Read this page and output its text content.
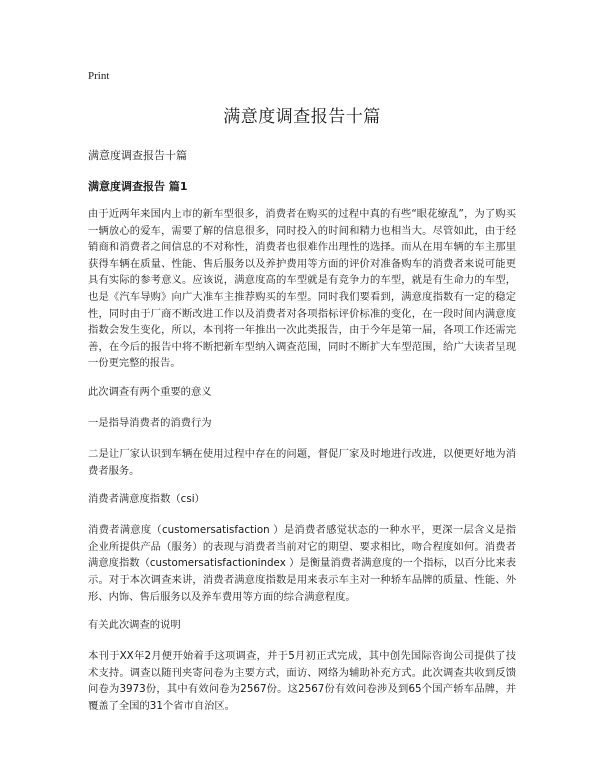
Print
满意度调查报告十篇
满意度调查报告十篇
满意度调查报告 篇1

由于近两年来国内上市的新车型很多，消费者在购买的过程中真的有些“眼花缭乱”，为了购买一辆放心的爱车，需要了解的信息很多，同时投入的时间和精力也相当大。尽管如此，由于经销商和消费者之间信息的不对称性，消费者也很难作出理性的选择。而从在用车辆的车主那里获得车辆在质量、性能、售后服务以及养护费用等方面的评价对准备购车的消费者来说可能更具有实际的参考意义。应该说，满意度高的车型就是有竞争力的车型，就是有生命力的车型，也是《汽车导购》向广大准车主推荐购买的车型。同时我们要看到，满意度指数有一定的稳定性，同时由于厂商不断改进工作以及消费者对各项指标评价标准的变化，在一段时间内满意度指数会发生变化，所以，本刊将一年推出一次此类报告，由于今年是第一届，各项工作还需完善，在今后的报告中将不断把新车型纳入调查范围，同时不断扩大车型范围，给广大读者呈现一份更完整的报告。

此次调查有两个重要的意义

一是指导消费者的消费行为

二是让厂家认识到车辆在使用过程中存在的问题，督促厂家及时地进行改进，以便更好地为消费者服务。

消费者满意度指数（csi）

消费者满意度（customersatisfaction ）是消费者感觉状态的一种水平，更深一层含义是指企业所提供产品（服务）的表现与消费者当前对它的期望、要求相比，吻合程度如何。消费者满意度指数（customersatisfactionindex ）是衡量消费者满意度的一个指标，以百分比来表示。对于本次调查来讲，消费者满意度指数是用来表示车主对一种轿车品牌的质量、性能、外形、内饰、售后服务以及养车费用等方面的综合满意程度。

有关此次调查的说明

本刊于XX年2月便开始着手这项调查，并于5月初正式完成，其中创先国际咨询公司提供了技术支持。调查以随刊夹寄问卷为主要方式，面访、网络为辅助补充方式。此次调查共收到反馈问卷为3973份，其中有效问卷为2567份。这2567份有效问卷涉及到65个国产轿车品牌，并覆盖了全国的31个省市自治区。
